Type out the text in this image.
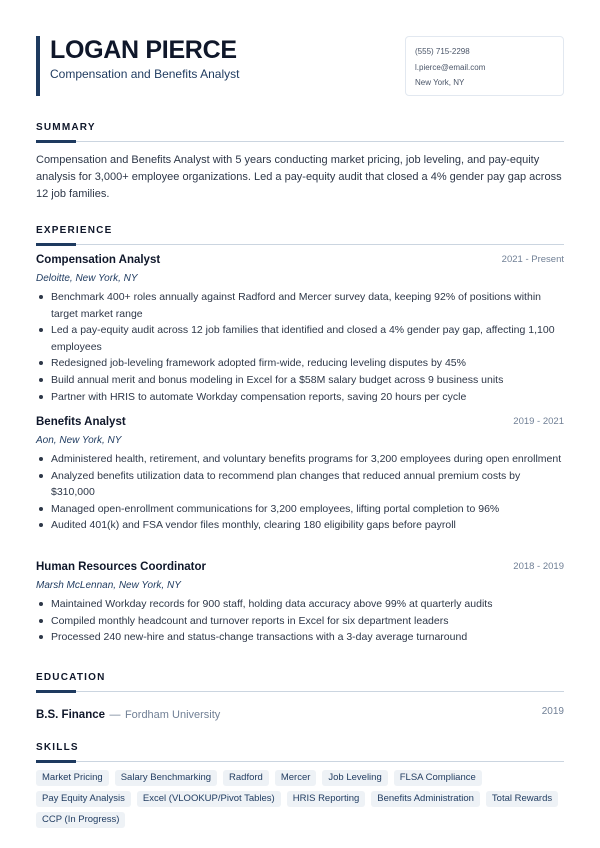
LOGAN PIERCE
Compensation and Benefits Analyst
(555) 715-2298
l.pierce@email.com
New York, NY
SUMMARY
Compensation and Benefits Analyst with 5 years conducting market pricing, job leveling, and pay-equity analysis for 3,000+ employee organizations. Led a pay-equity audit that closed a 4% gender pay gap across 12 job families.
EXPERIENCE
Compensation Analyst	2021 - Present
Deloitte, New York, NY
Benchmark 400+ roles annually against Radford and Mercer survey data, keeping 92% of positions within target market range
Led a pay-equity audit across 12 job families that identified and closed a 4% gender pay gap, affecting 1,100 employees
Redesigned job-leveling framework adopted firm-wide, reducing leveling disputes by 45%
Build annual merit and bonus modeling in Excel for a $58M salary budget across 9 business units
Partner with HRIS to automate Workday compensation reports, saving 20 hours per cycle
Benefits Analyst	2019 - 2021
Aon, New York, NY
Administered health, retirement, and voluntary benefits programs for 3,200 employees during open enrollment
Analyzed benefits utilization data to recommend plan changes that reduced annual premium costs by $310,000
Managed open-enrollment communications for 3,200 employees, lifting portal completion to 96%
Audited 401(k) and FSA vendor files monthly, clearing 180 eligibility gaps before payroll
Human Resources Coordinator	2018 - 2019
Marsh McLennan, New York, NY
Maintained Workday records for 900 staff, holding data accuracy above 99% at quarterly audits
Compiled monthly headcount and turnover reports in Excel for six department leaders
Processed 240 new-hire and status-change transactions with a 3-day average turnaround
EDUCATION
B.S. Finance — Fordham University	2019
SKILLS
Market Pricing	Salary Benchmarking	Radford	Mercer	Job Leveling	FLSA Compliance
Pay Equity Analysis	Excel (VLOOKUP/Pivot Tables)	HRIS Reporting	Benefits Administration	Total Rewards
CCP (In Progress)
